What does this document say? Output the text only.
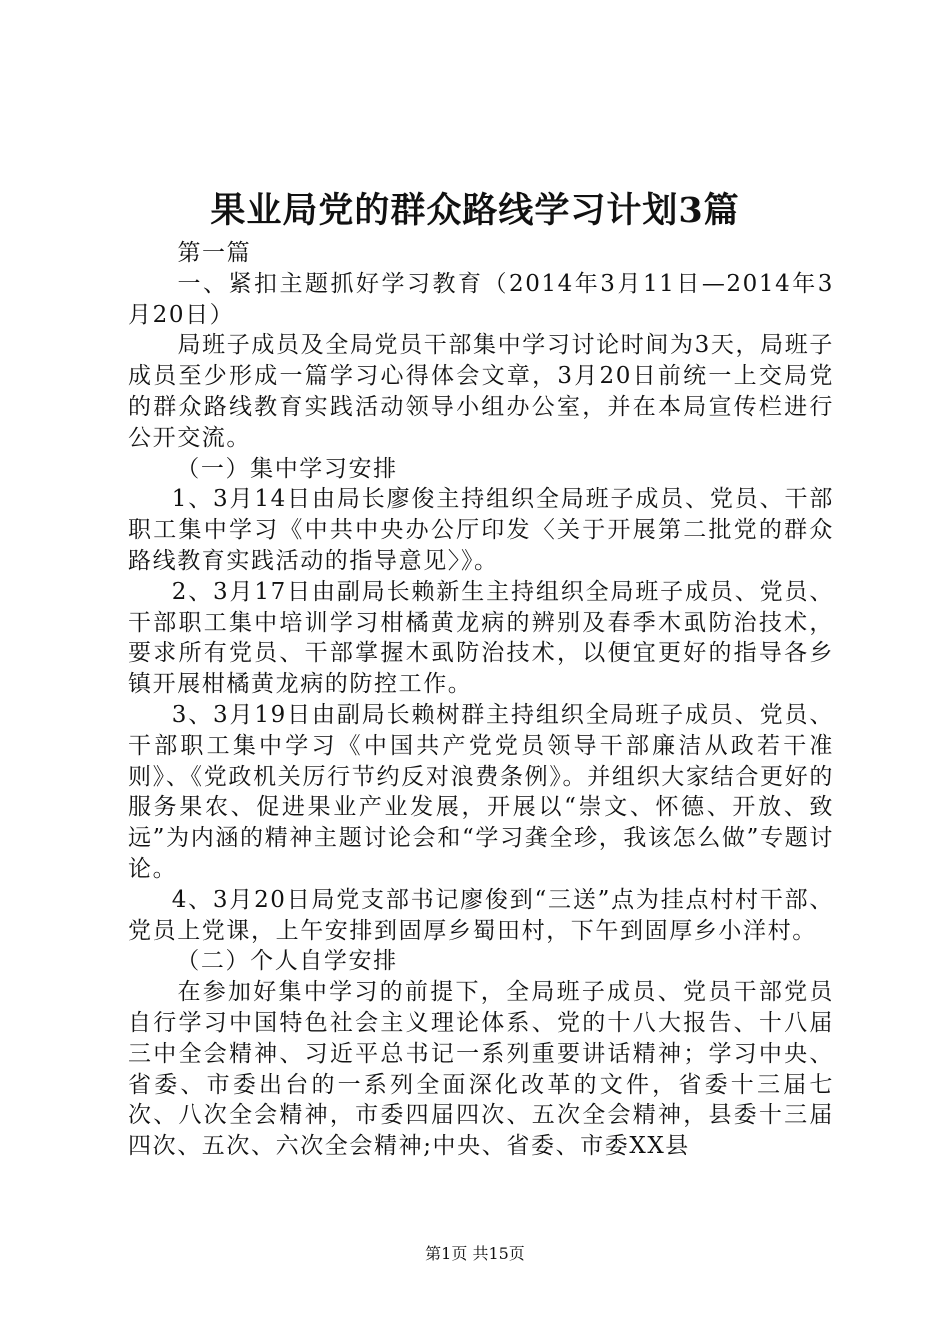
果业局党的群众路线学习计划3篇

第一篇

一、紧扣主题抓好学习教育（2014年3月11日—2014年3月20日）

局班子成员及全局党员干部集中学习讨论时间为3天，局班子成员至少形成一篇学习心得体会文章，3月20日前统一上交局党的群众路线教育实践活动领导小组办公室，并在本局宣传栏进行公开交流。

（一）集中学习安排

1、3月14日由局长廖俊主持组织全局班子成员、党员、干部职工集中学习《中共中央办公厅印发〈关于开展第二批党的群众路线教育实践活动的指导意见〉》。

2、3月17日由副局长赖新生主持组织全局班子成员、党员、干部职工集中培训学习柑橘黄龙病的辨别及春季木虱防治技术，要求所有党员、干部掌握木虱防治技术，以便宜更好的指导各乡镇开展柑橘黄龙病的防控工作。

3、3月19日由副局长赖树群主持组织全局班子成员、党员、干部职工集中学习《中国共产党党员领导干部廉洁从政若干准则》、《党政机关厉行节约反对浪费条例》。并组织大家结合更好的服务果农、促进果业产业发展，开展以“崇文、怀德、开放、致远”为内涵的精神主题讨论会和“学习龚全珍，我该怎么做”专题讨论。

4、3月20日局党支部书记廖俊到“三送”点为挂点村村干部、党员上党课，上午安排到固厚乡蜀田村，下午到固厚乡小洋村。

（二）个人自学安排

在参加好集中学习的前提下，全局班子成员、党员干部党员自行学习中国特色社会主义理论体系、党的十八大报告、十八届三中全会精神、习近平总书记一系列重要讲话精神；学习中央、省委、市委出台的一系列全面深化改革的文件，省委十三届七次、八次全会精神，市委四届四次、五次全会精神，县委十三届四次、五次、六次全会精神;中央、省委、市委XX县

第1页 共15页
